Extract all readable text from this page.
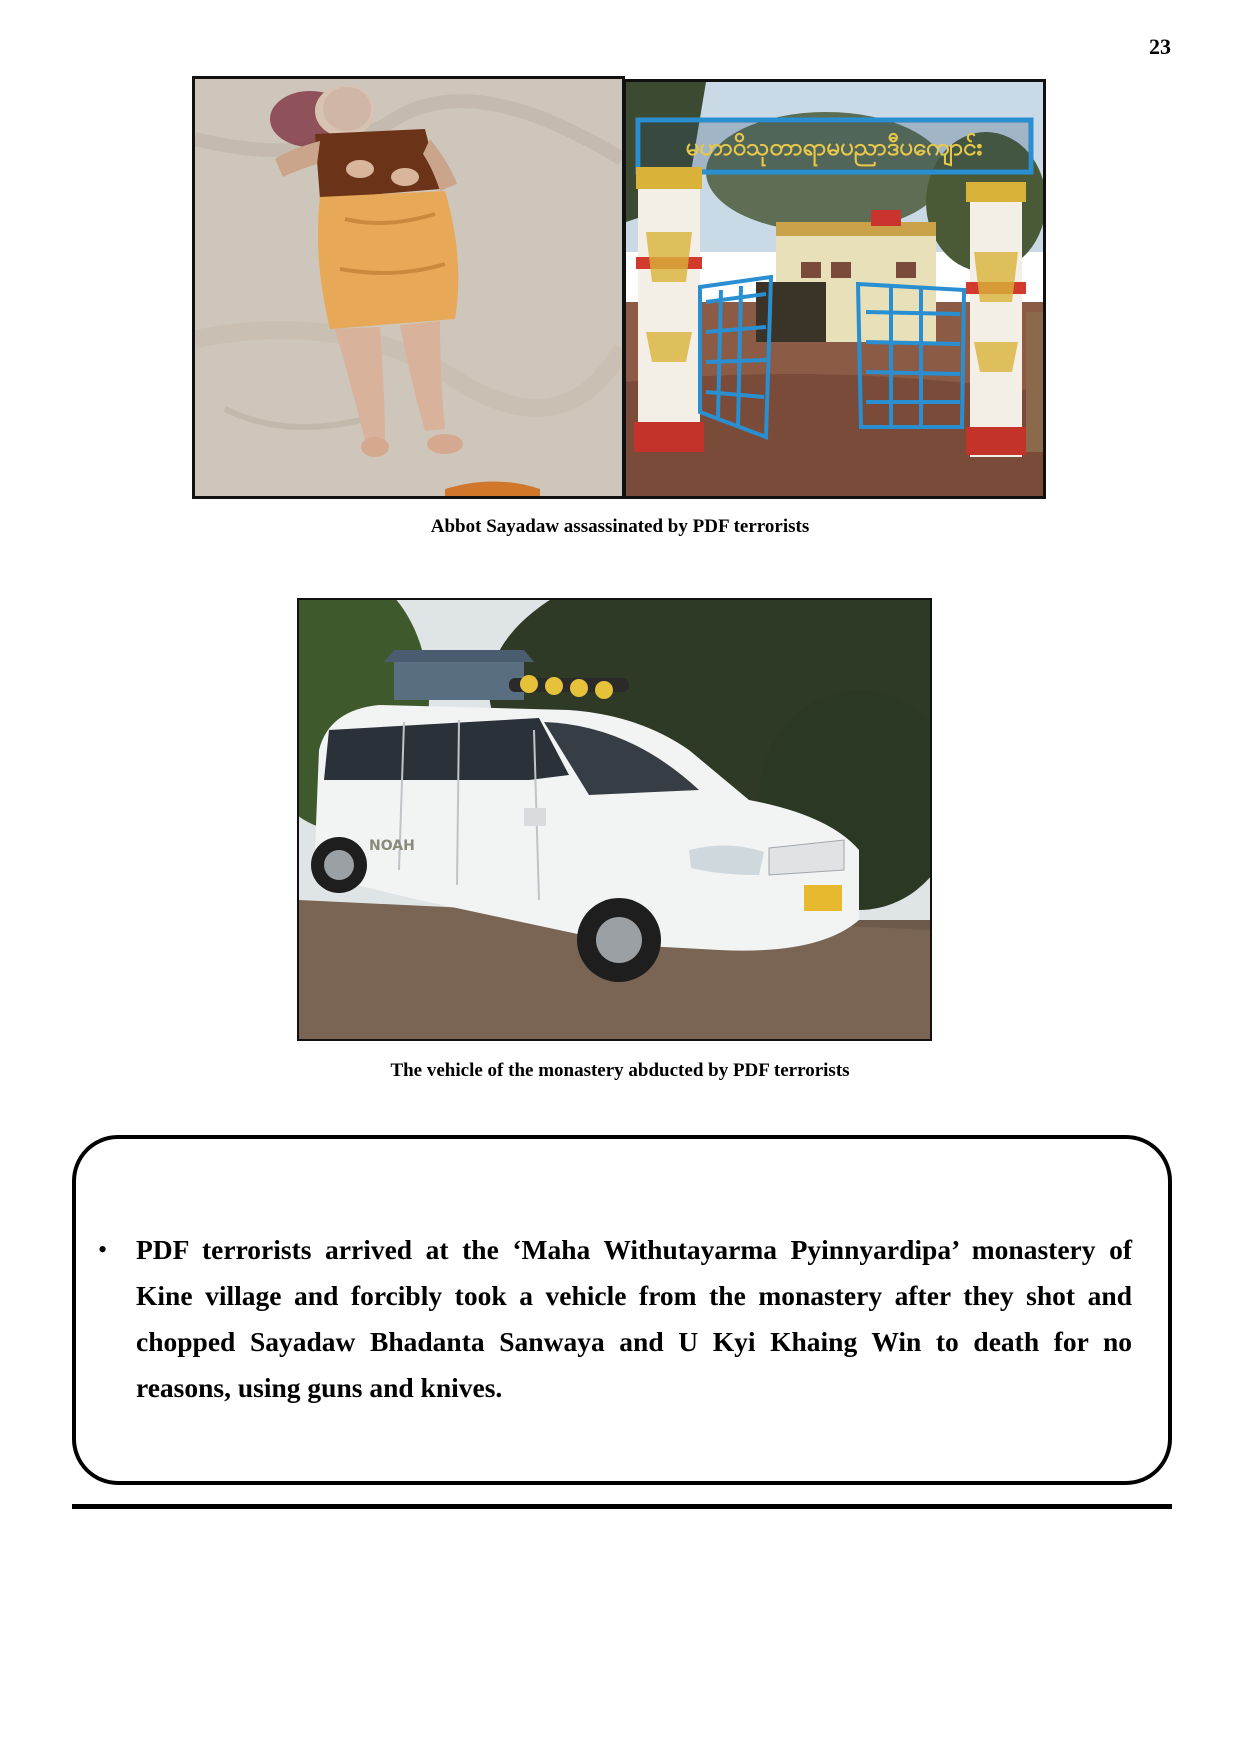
23
မဟာဝိသုတာရာမပညာဒီပကျောင်း
Abbot Sayadaw assassinated by PDF terrorists
NOAH
The vehicle of the monastery abducted by PDF terrorists
•	PDF terrorists arrived at the ‘Maha Withutayarma Pyinnyardipa’ monastery of Kine village and forcibly took a vehicle from the monastery after they shot and chopped Sayadaw Bhadanta Sanwaya and U Kyi Khaing Win to death for no reasons, using guns and knives.
